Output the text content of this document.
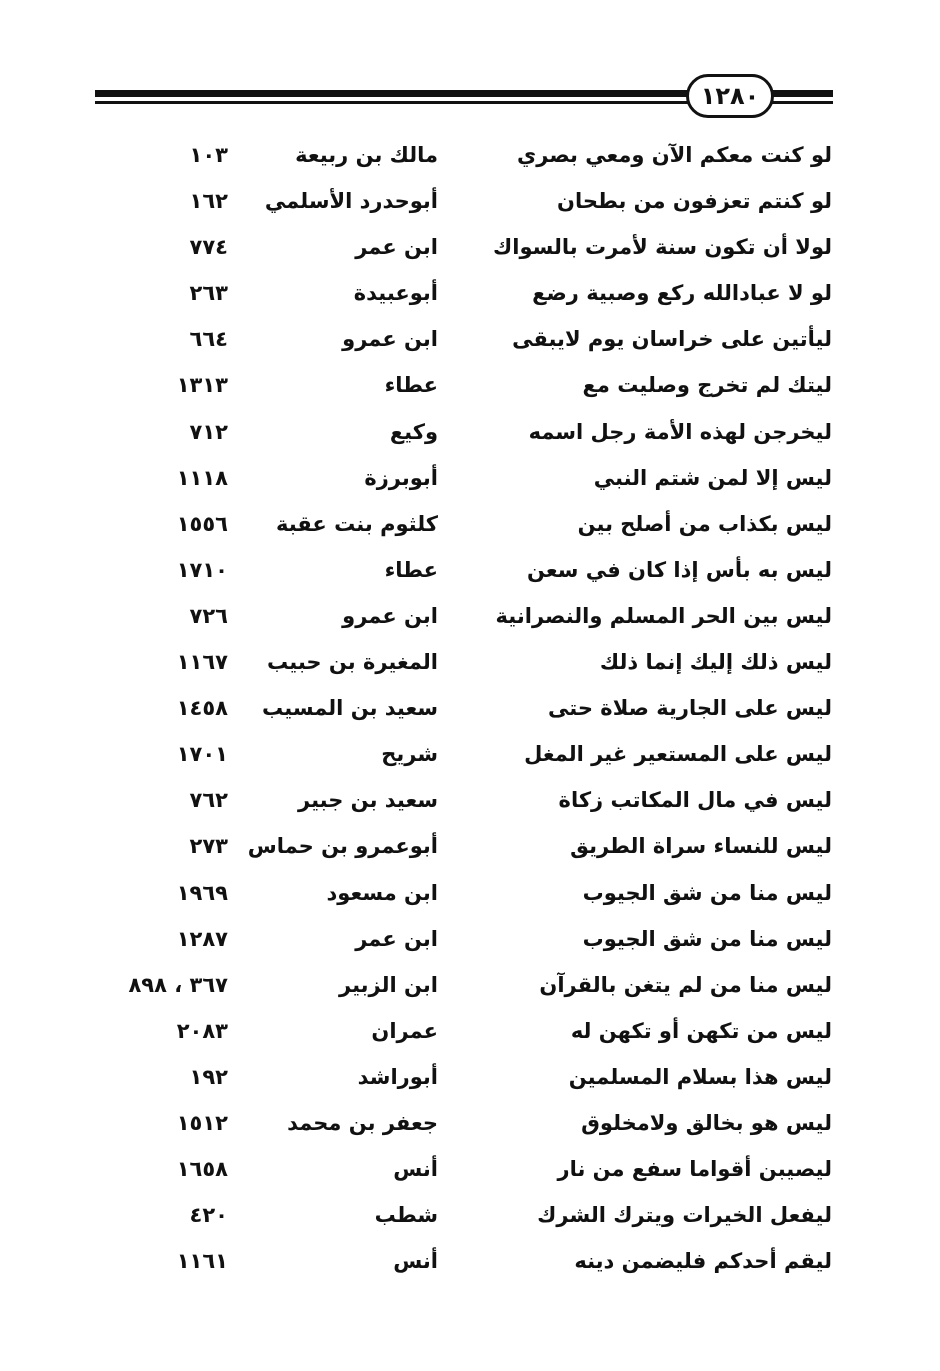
١٢٨٠
لو كنت معكم الآن ومعي بصري
مالك بن ربيعة
١٠٣
لو كنتم تعزفون من بطحان
أبوحدرد الأسلمي
١٦٢
لولا أن تكون سنة لأمرت بالسواك
ابن عمر
٧٧٤
لو لا عبادالله ركع وصبية رضع
أبوعبيدة
٢٦٣
ليأتين على خراسان يوم لايبقى
ابن عمرو
٦٦٤
ليتك لم تخرج وصليت مع
عطاء
١٣١٣
ليخرجن لهذه الأمة رجل اسمه
وكيع
٧١٢
ليس إلا لمن شتم النبي
أبوبرزة
١١١٨
ليس بكذاب من أصلح بين
كلثوم بنت عقبة
١٥٥٦
ليس به بأس إذا كان في سعن
عطاء
١٧١٠
ليس بين الحر المسلم والنصرانية
ابن عمرو
٧٢٦
ليس ذلك إليك إنما ذلك
المغيرة بن حبيب
١١٦٧
ليس على الجارية صلاة حتى
سعيد بن المسيب
١٤٥٨
ليس على المستعير غير المغل
شريح
١٧٠١
ليس في مال المكاتب زكاة
سعيد بن جبير
٧٦٢
ليس للنساء سراة الطريق
أبوعمرو بن حماس
٢٧٣
ليس منا من شق الجيوب
ابن مسعود
١٩٦٩
ليس منا من شق الجيوب
ابن عمر
١٢٨٧
ليس منا من لم يتغن بالقرآن
ابن الزبير
٣٦٧ ، ٨٩٨
ليس من تكهن أو تكهن له
عمران
٢٠٨٣
ليس هذا بسلام المسلمين
أبوراشد
١٩٢
ليس هو بخالق ولامخلوق
جعفر بن محمد
١٥١٢
ليصيبن أقواما سفع من نار
أنس
١٦٥٨
ليفعل الخيرات ويترك الشرك
شطب
٤٢٠
ليقم أحدكم فليضمن دينه
أنس
١١٦١
